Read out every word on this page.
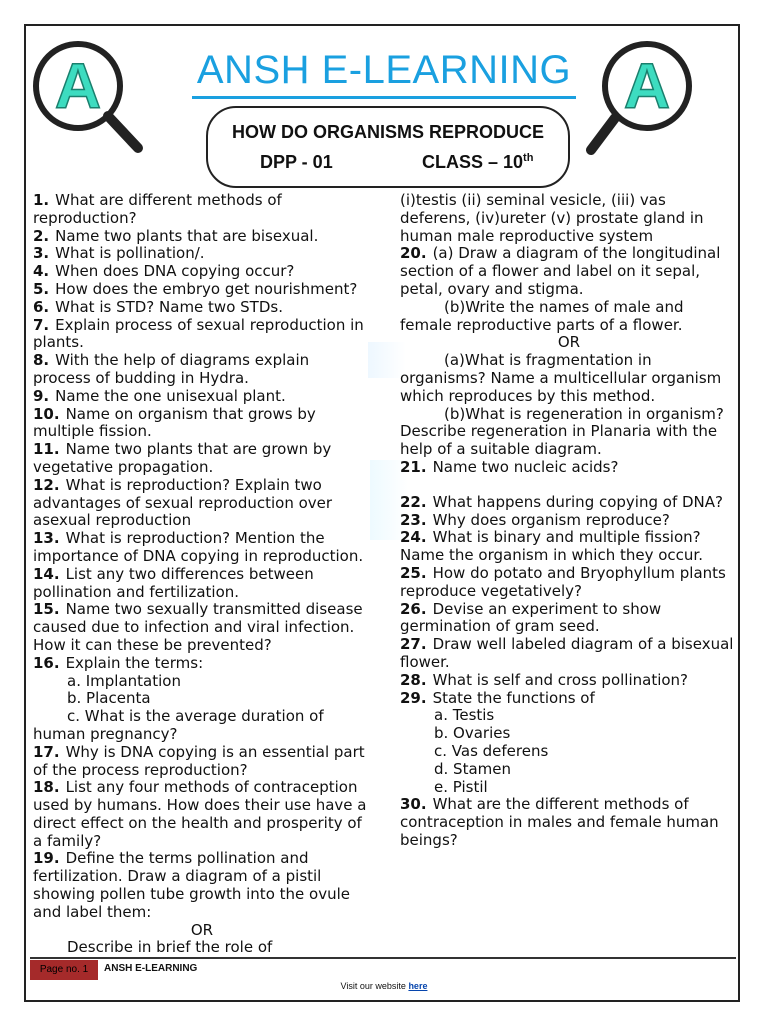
A	A
ANSH E-LEARNING
HOW DO ORGANISMS REPRODUCE
DPP - 01	CLASS – 10th

1. What are different methods of reproduction?

2. Name two plants that are bisexual.

3. What is pollination/.

4. When does DNA copying occur?

5. How does the embryo get nourishment?

6. What is STD? Name two STDs.

7. Explain process of sexual reproduction in plants.

8. With the help of diagrams explain process of budding in Hydra.

9. Name the one unisexual plant.

10. Name on organism that grows by multiple fission.

11. Name two plants that are grown by vegetative propagation.

12. What is reproduction? Explain two advantages of sexual reproduction over asexual reproduction

13. What is reproduction? Mention the importance of DNA copying in reproduction.

14. List any two differences between pollination and fertilization.

15. Name two sexually transmitted disease caused due to infection and viral infection. How it can these be prevented?

16. Explain the terms:

a. Implantation

b. Placenta

c. What is the average duration of human pregnancy?

17. Why is DNA copying is an essential part of the process reproduction?

18. List any four methods of contraception used by humans. How does their use have a direct effect on the health and prosperity of a family?

19. Define the terms pollination and fertilization. Draw a diagram of a pistil showing pollen tube growth into the ovule and label them:

OR

Describe in brief the role of

(i)testis (ii) seminal vesicle, (iii) vas deferens, (iv)ureter (v) prostate gland in human male reproductive system

20. (a) Draw a diagram of the longitudinal section of a flower and label on it sepal, petal, ovary and stigma.

(b)Write the names of male and female reproductive parts of a flower.

OR

(a)What is fragmentation in organisms? Name a multicellular organism which reproduces by this method.

(b)What is regeneration in organism? Describe regeneration in Planaria with the help of a suitable diagram.

21. Name two nucleic acids?

22. What happens during copying of DNA?

23. Why does organism reproduce?

24. What is binary and multiple fission? Name the organism in which they occur.

25. How do potato and Bryophyllum plants reproduce vegetatively?

26. Devise an experiment to show germination of gram seed.

27. Draw well labeled diagram of a bisexual flower.

28. What is self and cross pollination?

29. State the functions of

a. Testis

b. Ovaries

c. Vas deferens

d. Stamen

e. Pistil

30. What are the different methods of contraception in males and female human beings?

Page no. 1	ANSH E-LEARNING
Visit our website here
